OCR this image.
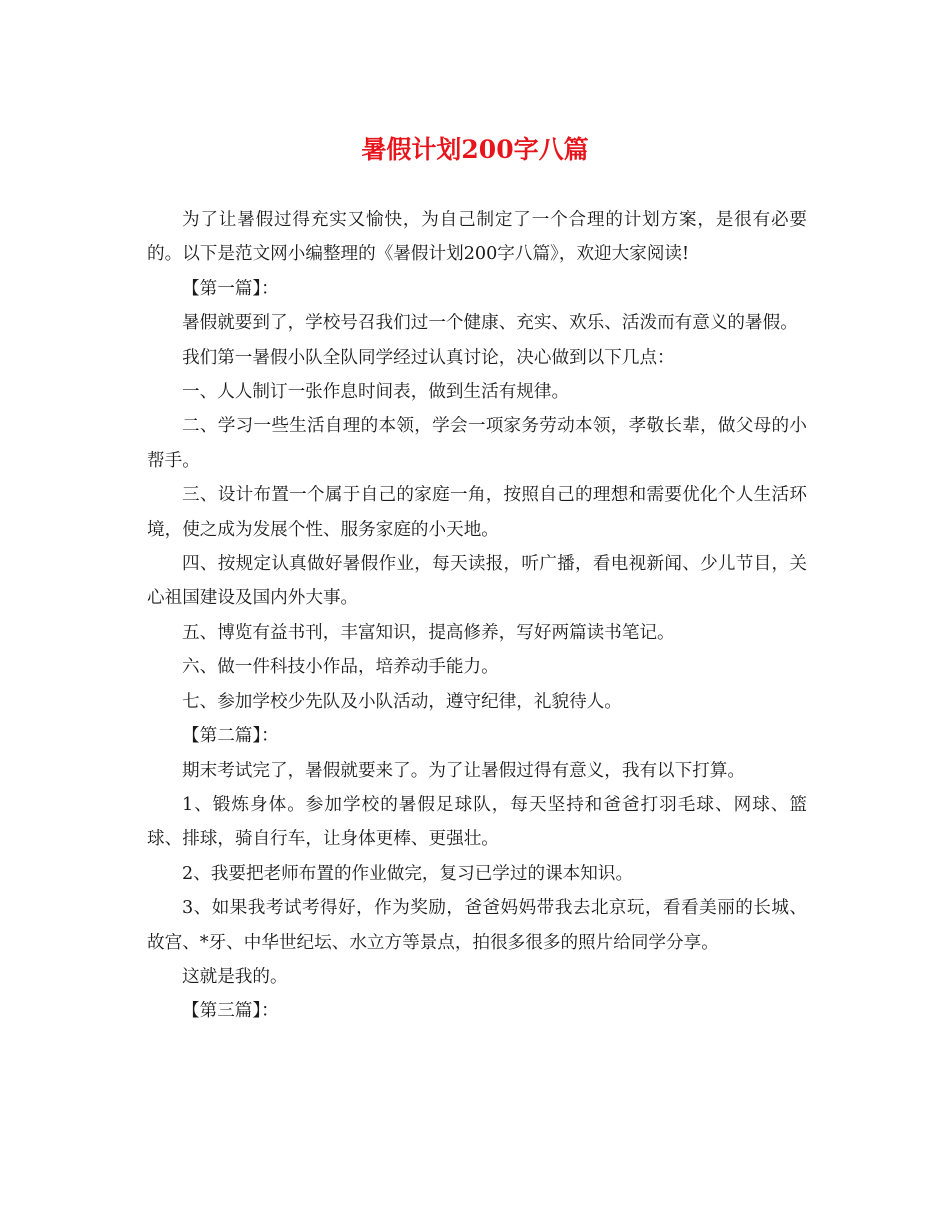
暑假计划200字八篇

为了让暑假过得充实又愉快，为自己制定了一个合理的计划方案，是很有必要的。以下是范文网小编整理的《暑假计划200字八篇》，欢迎大家阅读!

【第一篇】：

暑假就要到了，学校号召我们过一个健康、充实、欢乐、活泼而有意义的暑假。

我们第一暑假小队全队同学经过认真讨论，决心做到以下几点：

一、人人制订一张作息时间表，做到生活有规律。

二、学习一些生活自理的本领，学会一项家务劳动本领，孝敬长辈，做父母的小帮手。

三、设计布置一个属于自己的家庭一角，按照自己的理想和需要优化个人生活环境，使之成为发展个性、服务家庭的小天地。

四、按规定认真做好暑假作业，每天读报，听广播，看电视新闻、少儿节目，关心祖国建设及国内外大事。

五、博览有益书刊，丰富知识，提高修养，写好两篇读书笔记。

六、做一件科技小作品，培养动手能力。

七、参加学校少先队及小队活动，遵守纪律，礼貌待人。

【第二篇】：

期末考试完了，暑假就要来了。为了让暑假过得有意义，我有以下打算。

1、锻炼身体。参加学校的暑假足球队，每天坚持和爸爸打羽毛球、网球、篮球、排球，骑自行车，让身体更棒、更强壮。

2、我要把老师布置的作业做完，复习已学过的课本知识。

3、如果我考试考得好，作为奖励，爸爸妈妈带我去北京玩，看看美丽的长城、故宫、*牙、中华世纪坛、水立方等景点，拍很多很多的照片给同学分享。

这就是我的。

【第三篇】：
